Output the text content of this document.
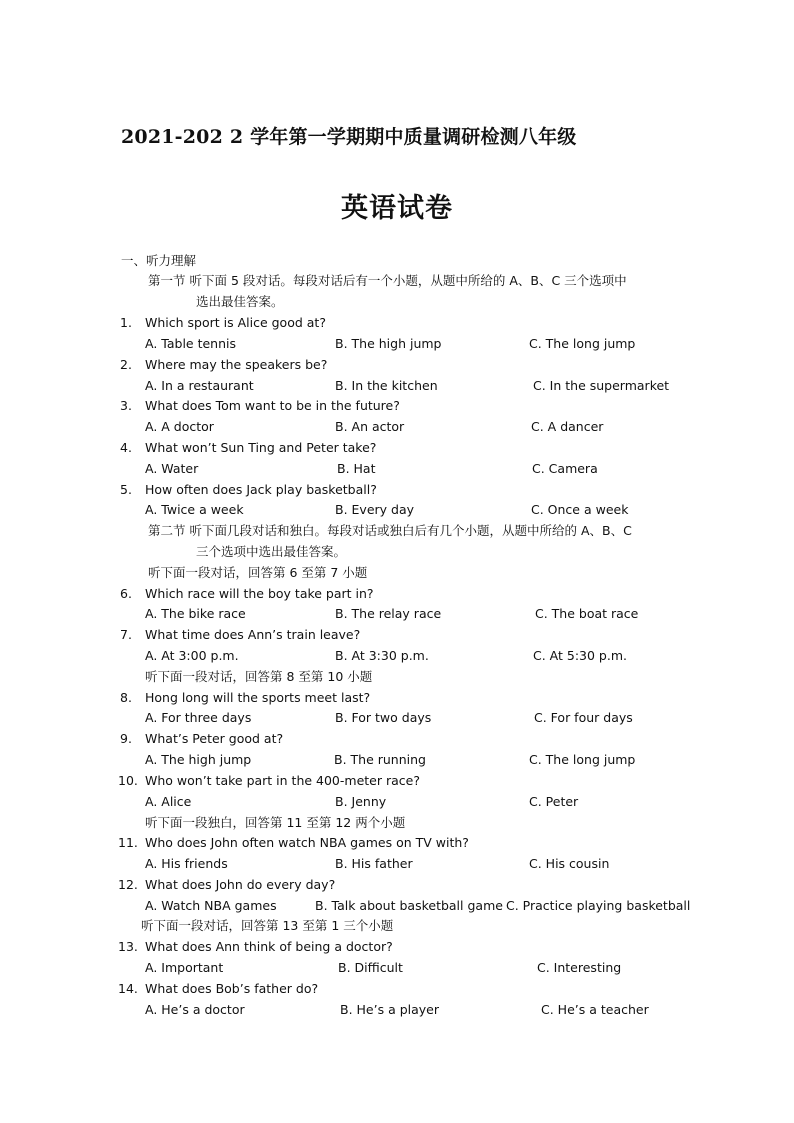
2021-202 2 学年第一学期期中质量调研检测八年级
英语试卷
一、听力理解
第一节 听下面 5 段对话。每段对话后有一个小题，从题中所给的 A、B、C 三个选项中
选出最佳答案。
1. Which sport is Alice good at?
A. Table tennis	B. The high jump	C. The long jump
2. Where may the speakers be?
A. In a restaurant	B. In the kitchen	C. In the supermarket
3. What does Tom want to be in the future?
A. A doctor	B. An actor	C. A dancer
4. What won’t Sun Ting and Peter take?
A. Water	B. Hat	C. Camera
5. How often does Jack play basketball?
A. Twice a week	B. Every day	C. Once a week
第二节 听下面几段对话和独白。每段对话或独白后有几个小题，从题中所给的 A、B、C
三个选项中选出最佳答案。
听下面一段对话，回答第 6 至第 7 小题
6. Which race will the boy take part in?
A. The bike race	B. The relay race	C. The boat race
7. What time does Ann’s train leave?
A. At 3:00 p.m.	B. At 3:30 p.m.	C. At 5:30 p.m.
听下面一段对话，回答第 8 至第 10 小题
8. Hong long will the sports meet last?
A. For three days	B. For two days	C. For four days
9. What’s Peter good at?
A. The high jump	B. The running	C. The long jump
10. Who won’t take part in the 400-meter race?
A. Alice	B. Jenny	C. Peter
听下面一段独白，回答第 11 至第 12 两个小题
11. Who does John often watch NBA games on TV with?
A. His friends	B. His father	C. His cousin
12. What does John do every day?
A. Watch NBA games	B. Talk about basketball game C. Practice playing basketball
听下面一段对话，回答第 13 至第 1 三个小题
13. What does Ann think of being a doctor?
A. Important	B. Difficult	C. Interesting
14. What does Bob’s father do?
A. He’s a doctor	B. He’s a player	C. He’s a teacher
